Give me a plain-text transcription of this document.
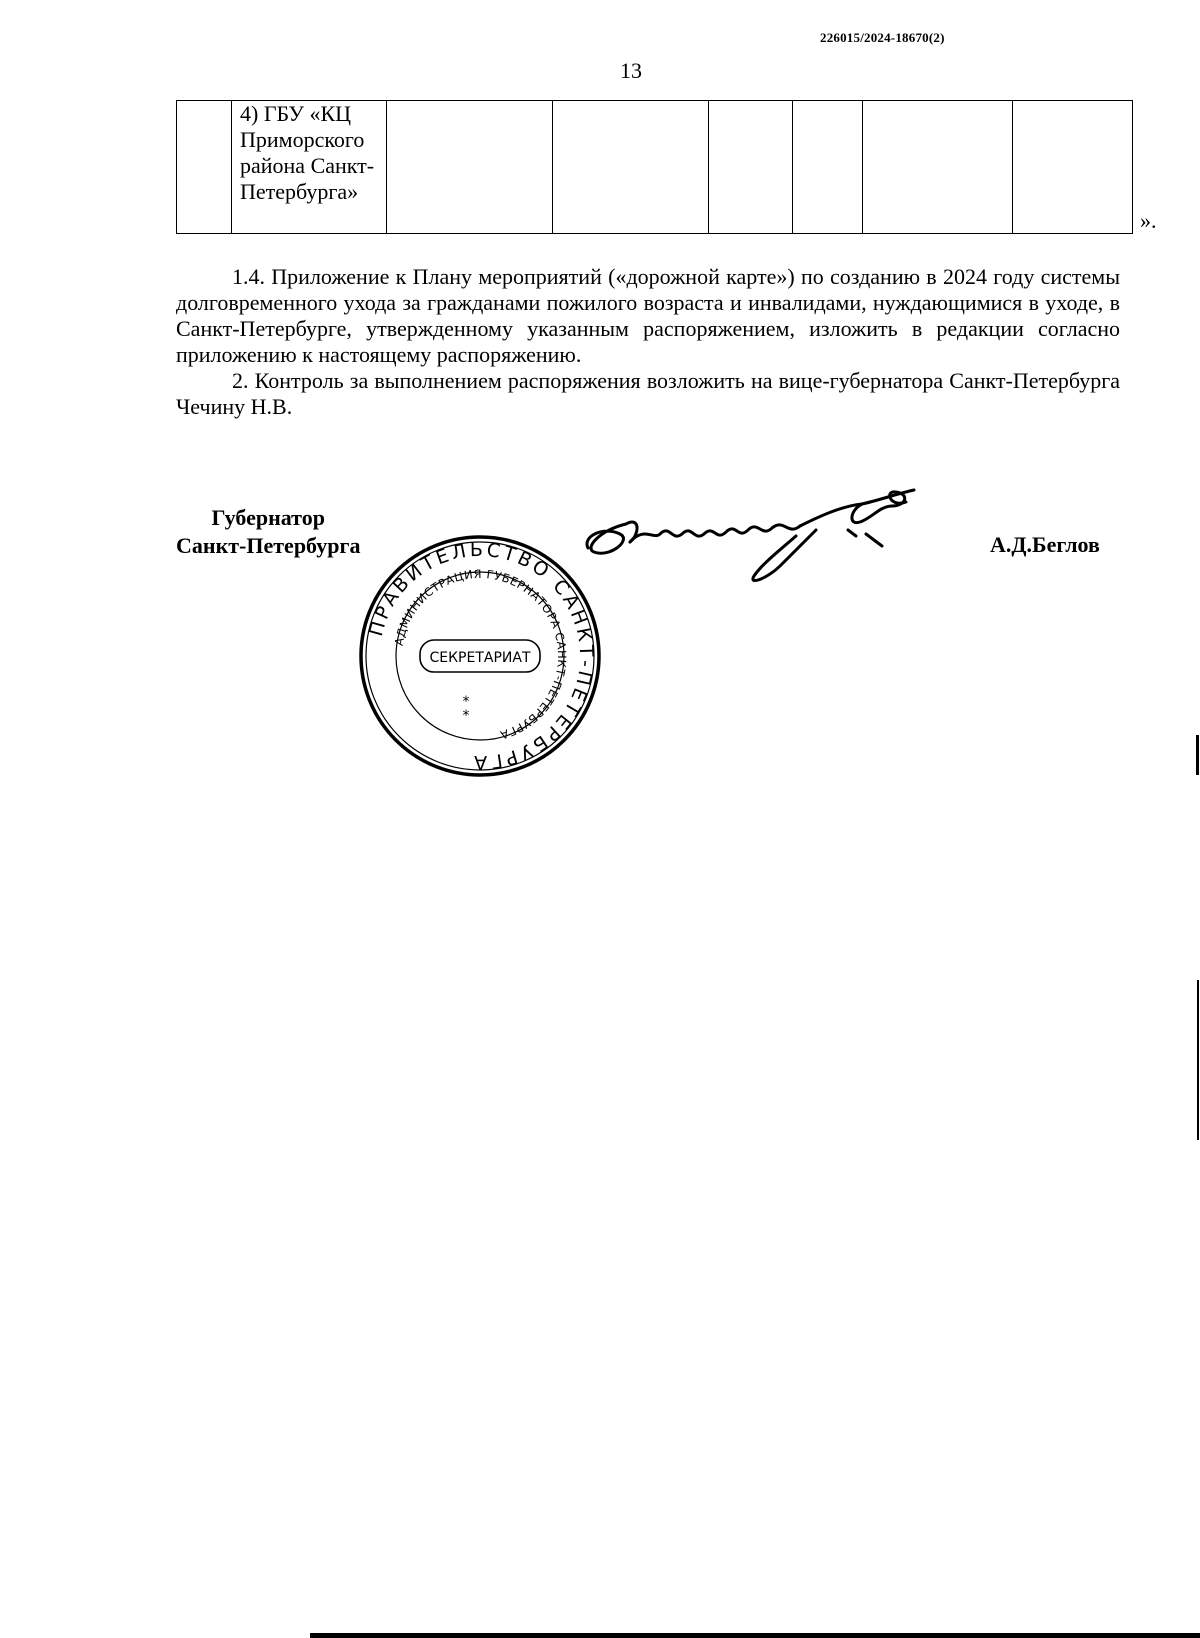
226015/2024-18670(2)
13
	4) ГБУ «КЦ Приморского района Санкт-Петербурга»						
».
1.4. Приложение к Плану мероприятий («дорожной карте») по созданию в 2024 году системы долговременного ухода за гражданами пожилого возраста и инвалидами, нуждающимися в уходе, в Санкт-Петербурге, утвержденному указанным распоряжением, изложить в редакции согласно приложению к настоящему распоряжению.
2. Контроль за выполнением распоряжения возложить на вице-губернатора Санкт-Петербурга Чечину Н.В.
Губернатор
Санкт-Петербурга	А.Д.Беглов
ПРАВИТЕЛЬСТВО САНКТ-ПЕТЕРБУРГА
АДМИНИСТРАЦИЯ ГУБЕРНАТОРА САНКТ-ПЕТЕРБУРГА
СЕКРЕТАРИАТ
*
*
